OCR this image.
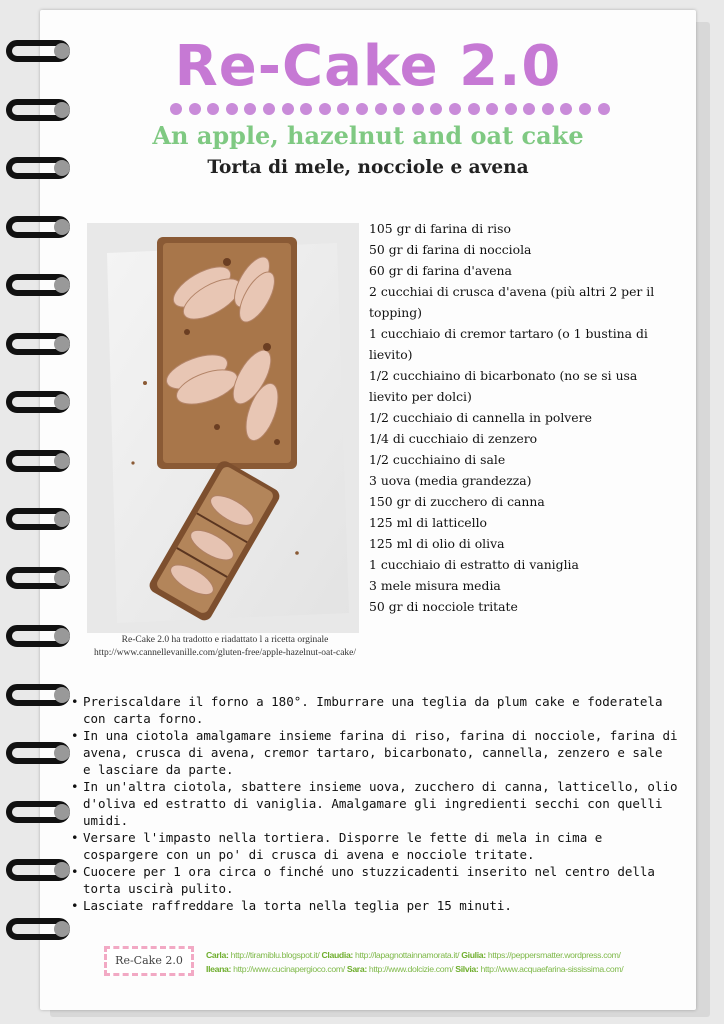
Re-Cake 2.0
An apple, hazelnut and oat cake
Torta di mele, nocciole e avena
Re-Cake 2.0 ha tradotto e riadattato l a ricetta orginale
http://www.cannellevanille.com/gluten-free/apple-hazelnut-oat-cake/
105 gr di farina di riso
50 gr di farina di nocciola
60 gr di farina d'avena
2 cucchiai di crusca d'avena (più altri 2 per il
topping)
1 cucchiaio di cremor tartaro (o 1 bustina di
lievito)
1/2 cucchiaino di bicarbonato (no se si usa
lievito per dolci)
1/2 cucchiaio di cannella in polvere
1/4 di cucchiaio di zenzero
1/2 cucchiaino di sale
3 uova (media grandezza)
150 gr di zucchero di canna
125 ml di latticello
125 ml di olio di oliva
1 cucchiaio di estratto di vaniglia
3 mele misura media
50 gr di nocciole tritate
• Preriscaldare il forno a 180°. Imburrare una teglia da plum cake e foderatela
con carta forno.
• In una ciotola amalgamare insieme farina di riso, farina di nocciole, farina di
avena, crusca di avena, cremor tartaro, bicarbonato, cannella, zenzero e sale
e lasciare da parte.
• In un'altra ciotola, sbattere insieme uova, zucchero di canna, latticello, olio
d'oliva ed estratto di vaniglia. Amalgamare gli ingredienti secchi con quelli
umidi.
• Versare l'impasto nella tortiera. Disporre le fette di mela in cima e
cospargere con un po' di crusca di avena e nocciole tritate.
• Cuocere per 1 ora circa o finché uno stuzzicadenti inserito nel centro della
torta uscirà pulito.
• Lasciate raffreddare la torta nella teglia per 15 minuti.
Re-Cake 2.0	Carla: http://tiramiblu.blogspot.it/ Claudia: http://lapagnottainnamorata.it/ Giulia: https://peppersmatter.wordpress.com/
Ileana: http://www.cucinapergioco.com/ Sara: http://www.dolcizie.com/ Silvia: http://www.acquaefarina-sississima.com/
